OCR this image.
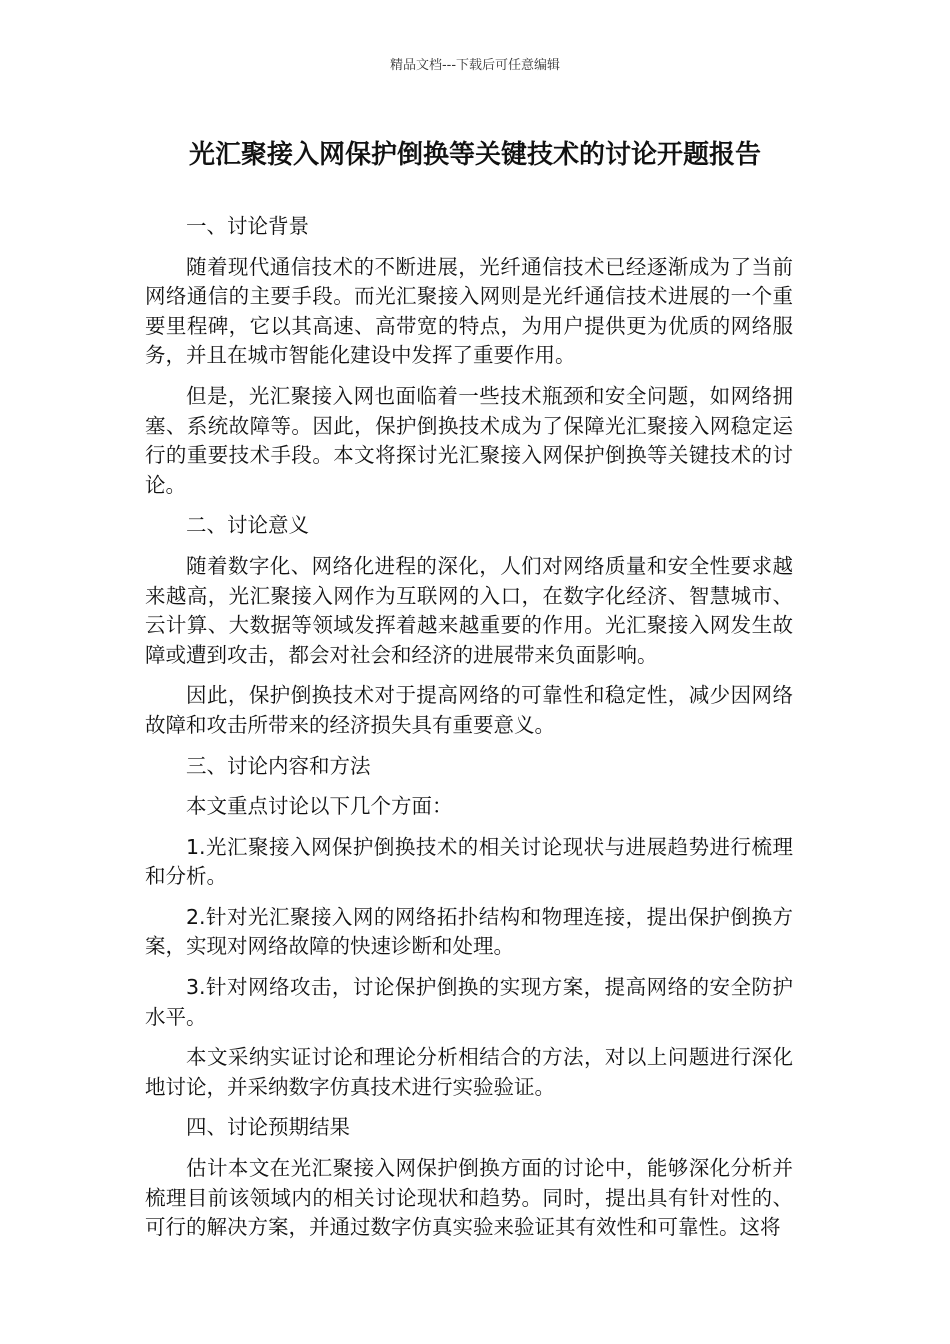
精品文档---下载后可任意编辑
光汇聚接入网保护倒换等关键技术的讨论开题报告

一、讨论背景

随着现代通信技术的不断进展，光纤通信技术已经逐渐成为了当前网络通信的主要手段。而光汇聚接入网则是光纤通信技术进展的一个重要里程碑，它以其高速、高带宽的特点，为用户提供更为优质的网络服务，并且在城市智能化建设中发挥了重要作用。

但是，光汇聚接入网也面临着一些技术瓶颈和安全问题，如网络拥塞、系统故障等。因此，保护倒换技术成为了保障光汇聚接入网稳定运行的重要技术手段。本文将探讨光汇聚接入网保护倒换等关键技术的讨论。

二、讨论意义

随着数字化、网络化进程的深化，人们对网络质量和安全性要求越来越高，光汇聚接入网作为互联网的入口，在数字化经济、智慧城市、云计算、大数据等领域发挥着越来越重要的作用。光汇聚接入网发生故障或遭到攻击，都会对社会和经济的进展带来负面影响。

因此，保护倒换技术对于提高网络的可靠性和稳定性，减少因网络故障和攻击所带来的经济损失具有重要意义。

三、讨论内容和方法

本文重点讨论以下几个方面：

1.光汇聚接入网保护倒换技术的相关讨论现状与进展趋势进行梳理和分析。

2.针对光汇聚接入网的网络拓扑结构和物理连接，提出保护倒换方案，实现对网络故障的快速诊断和处理。

3.针对网络攻击，讨论保护倒换的实现方案，提高网络的安全防护水平。

本文采纳实证讨论和理论分析相结合的方法，对以上问题进行深化地讨论，并采纳数字仿真技术进行实验验证。

四、讨论预期结果

估计本文在光汇聚接入网保护倒换方面的讨论中，能够深化分析并梳理目前该领域内的相关讨论现状和趋势。同时，提出具有针对性的、可行的解决方案，并通过数字仿真实验来验证其有效性和可靠性。这将
